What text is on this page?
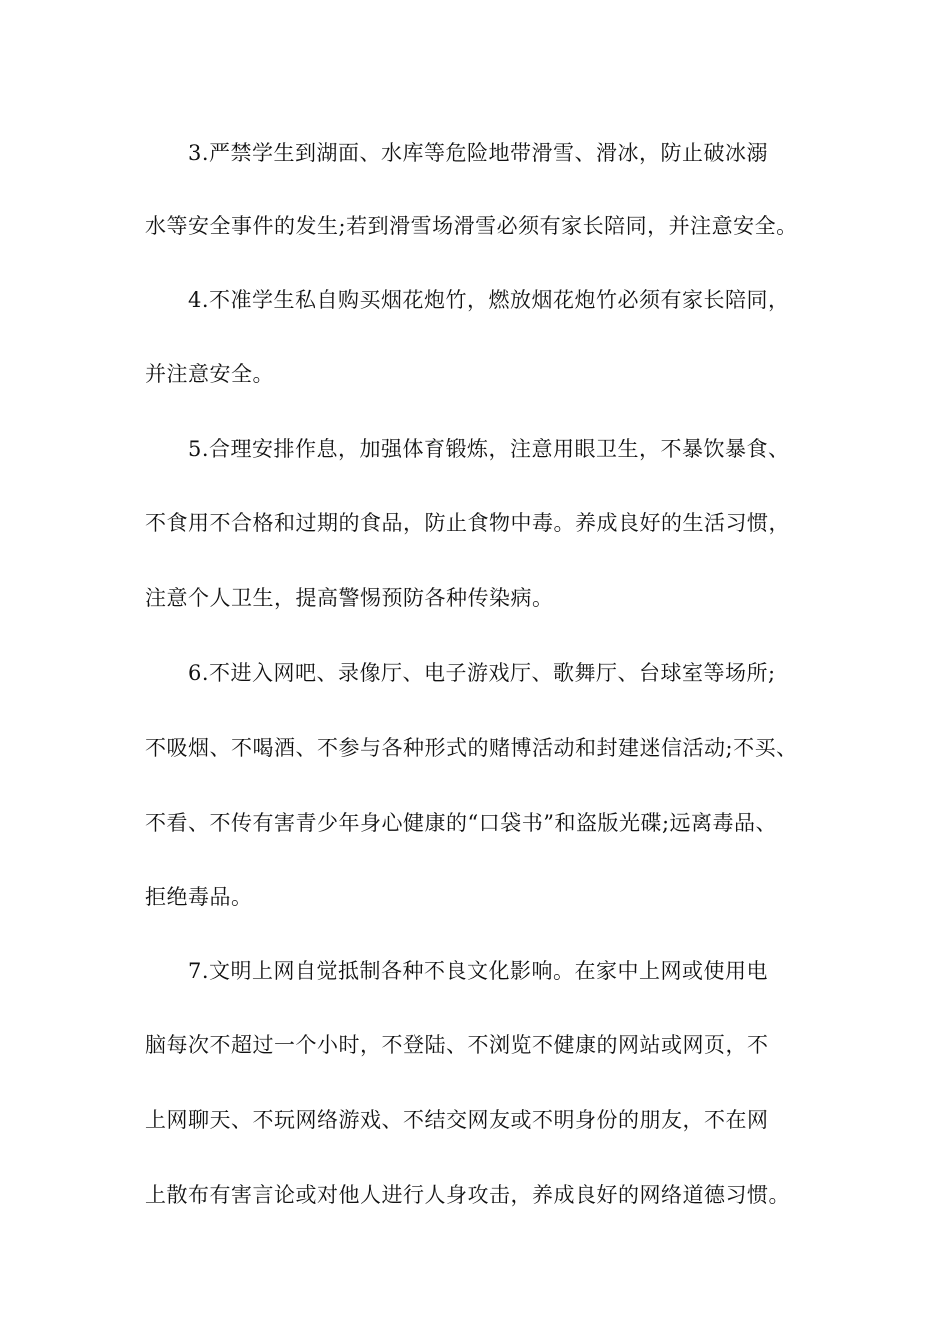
3.严禁学生到湖面、水库等危险地带滑雪、滑冰，防止破冰溺
水等安全事件的发生;若到滑雪场滑雪必须有家长陪同，并注意安全。
4.不准学生私自购买烟花炮竹，燃放烟花炮竹必须有家长陪同，
并注意安全。
5.合理安排作息，加强体育锻炼，注意用眼卫生，不暴饮暴食、
不食用不合格和过期的食品，防止食物中毒。养成良好的生活习惯，
注意个人卫生，提高警惕预防各种传染病。
6.不进入网吧、录像厅、电子游戏厅、歌舞厅、台球室等场所;
不吸烟、不喝酒、不参与各种形式的赌博活动和封建迷信活动;不买、
不看、不传有害青少年身心健康的“口袋书”和盗版光碟;远离毒品、
拒绝毒品。
7.文明上网自觉抵制各种不良文化影响。在家中上网或使用电
脑每次不超过一个小时，不登陆、不浏览不健康的网站或网页，不
上网聊天、不玩网络游戏、不结交网友或不明身份的朋友，不在网
上散布有害言论或对他人进行人身攻击，养成良好的网络道德习惯。
